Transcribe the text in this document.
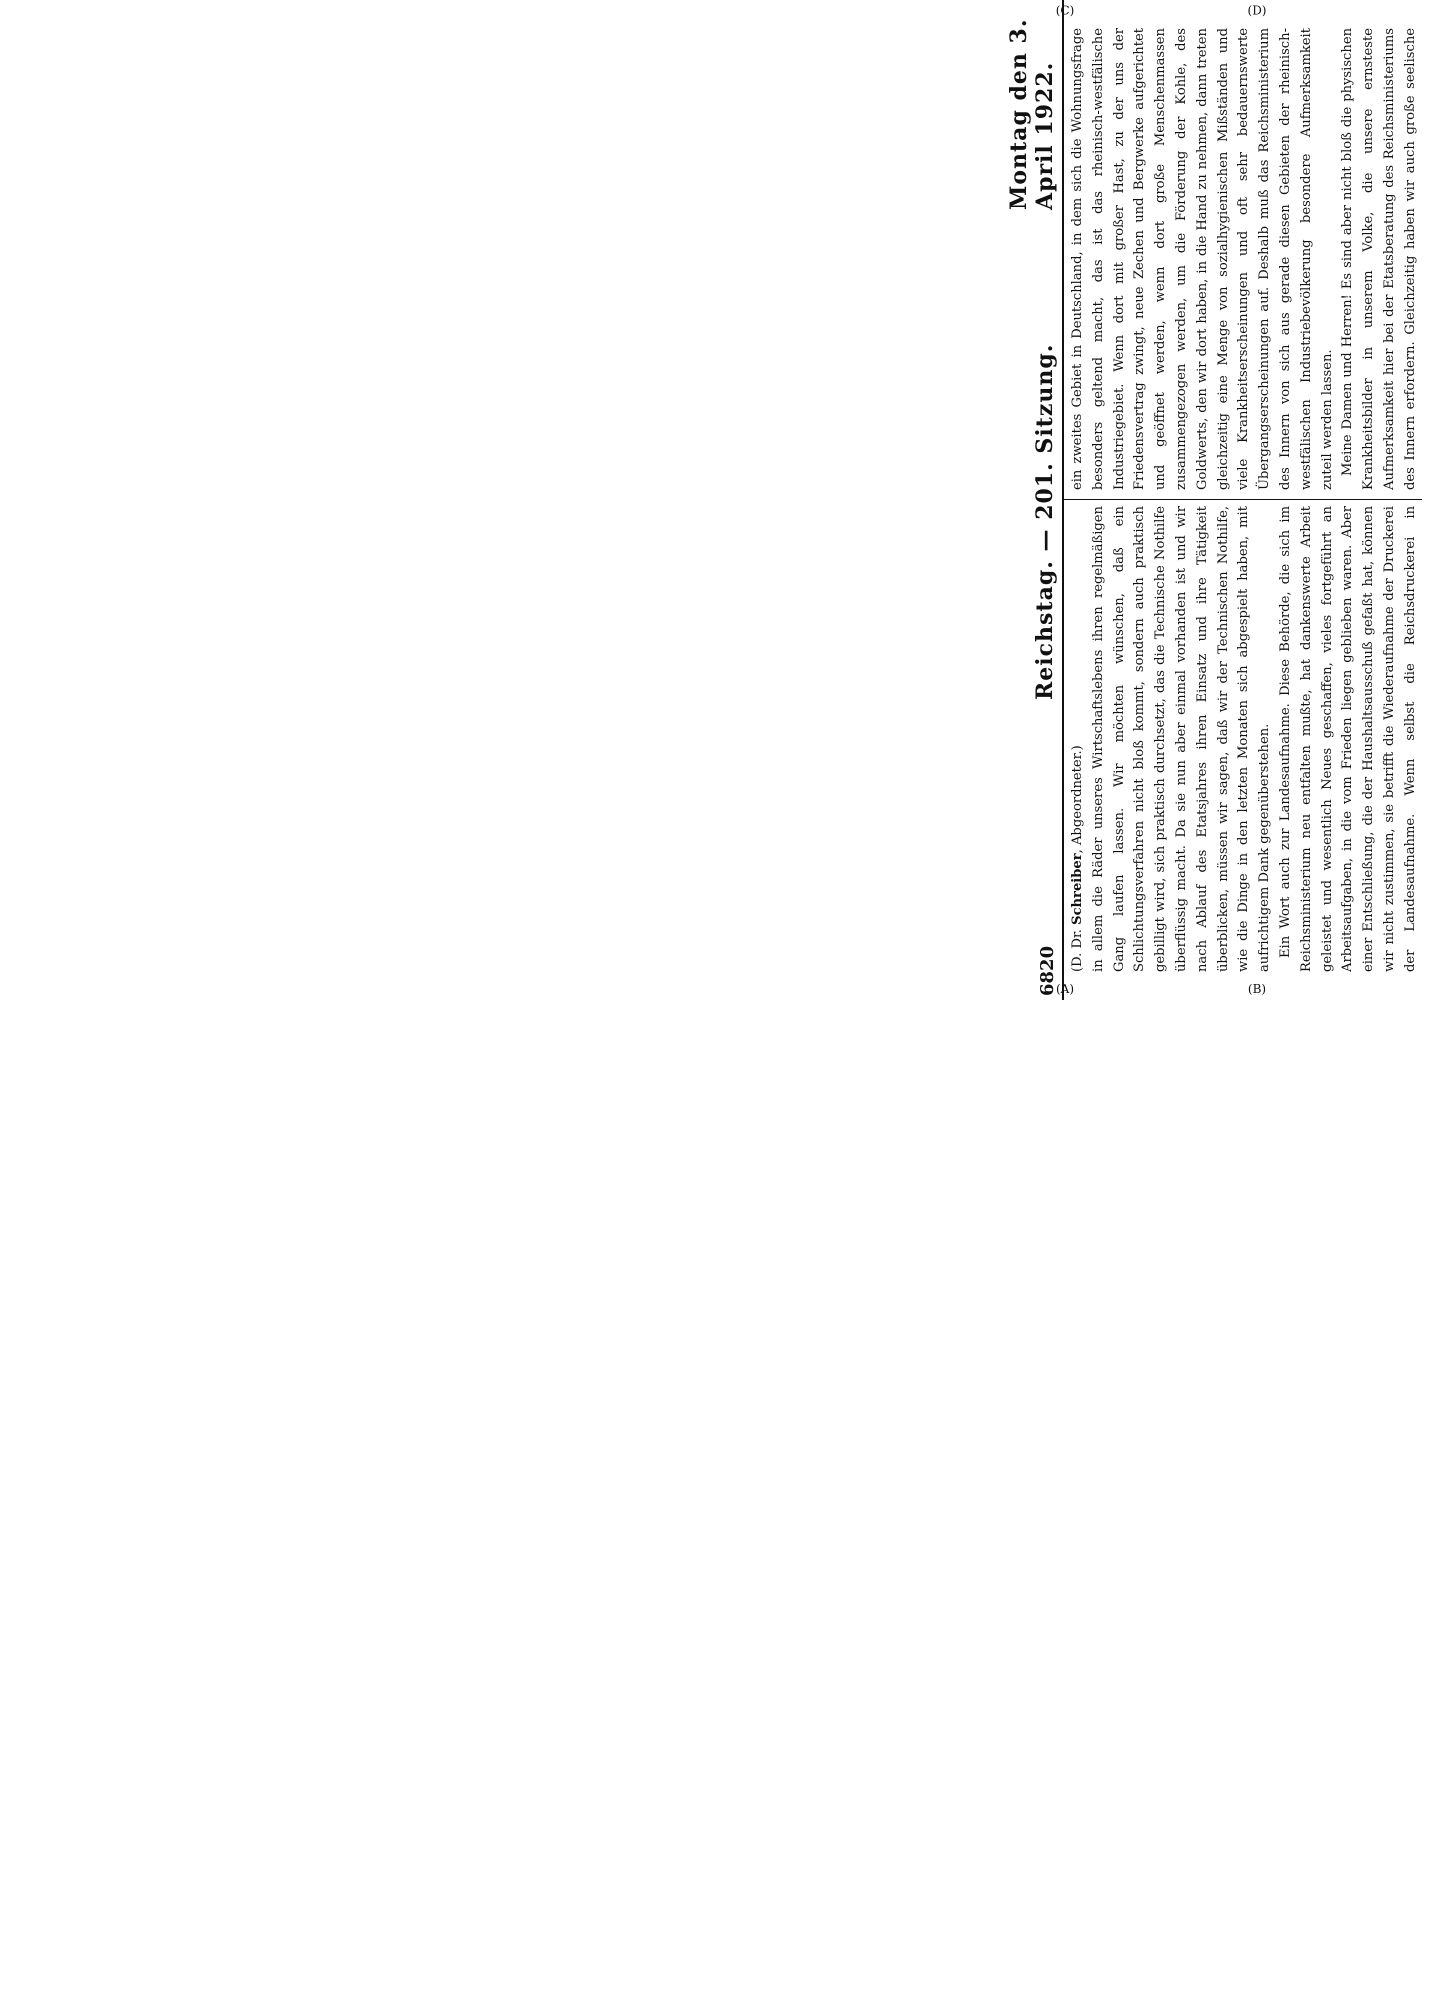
6820
Reichstag. — 201. Sitzung.
Montag den 3. April 1922.
(A)	(B)
(C)	(D)

(D. Dr. Schreiber, Abgeordneter.) in allem die Räder unseres Wirtschaftslebens ihren regelmäßigen Gang laufen lassen. Wir möchten wünschen, daß ein Schlichtungsverfahren nicht bloß kommt, sondern auch praktisch gebilligt wird, sich praktisch durchsetzt, das die Technische Nothilfe überflüssig macht. Da sie nun aber einmal vorhanden ist und wir nach Ablauf des Etatsjahres ihren Einsatz und ihre Tätigkeit überblicken, müssen wir sagen, daß wir der Technischen Nothilfe, wie die Dinge in den letzten Monaten sich abgespielt haben, mit aufrichtigem Dank gegenüberstehen. Ein Wort auch zur Landesaufnahme. Diese Behörde, die sich im Reichsministerium neu entfalten mußte, hat dankenswerte Arbeit geleistet und wesentlich Neues geschaffen, vieles fortgeführt an Arbeitsaufgaben, in die vom Frieden liegen geblieben waren. Aber einer Entschließung, die der Haushaltsausschuß gefaßt hat, können wir nicht zustimmen, sie betrifft die Wiederaufnahme der Druckerei der Landesaufnahme. Wenn selbst die Reichsdruckerei in

ein zweites Gebiet in Deutschland, in dem sich die Wohnungsfrage besonders geltend macht, das ist das rheinisch-westfälische Industriegebiet. Wenn dort mit großer Hast, zu der uns der Friedensvertrag zwingt, neue Zechen und Bergwerke aufgerichtet und geöffnet werden, wenn dort große Menschenmassen zusammengezogen werden, um die Förderung der Kohle, des Goldwerts, den wir dort haben, in die Hand zu nehmen, dann treten gleichzeitig eine Menge von sozialhygienischen Mißständen und viele Krankheitserscheinungen und oft sehr bedauernswerte Übergangserscheinungen auf. Deshalb muß das Reichsministerium des Innern von sich aus gerade diesen Gebieten der rheinisch-westfälischen Industriebevölkerung besondere Aufmerksamkeit zuteil werden lassen. Meine Damen und Herren! Es sind aber nicht bloß die physischen Krankheitsbilder in unserem Volke, die unsere ernsteste Aufmerksamkeit hier bei der Etatsberatung des Reichsministeriums des Innern erfordern. Gleichzeitig haben wir auch große seelische
